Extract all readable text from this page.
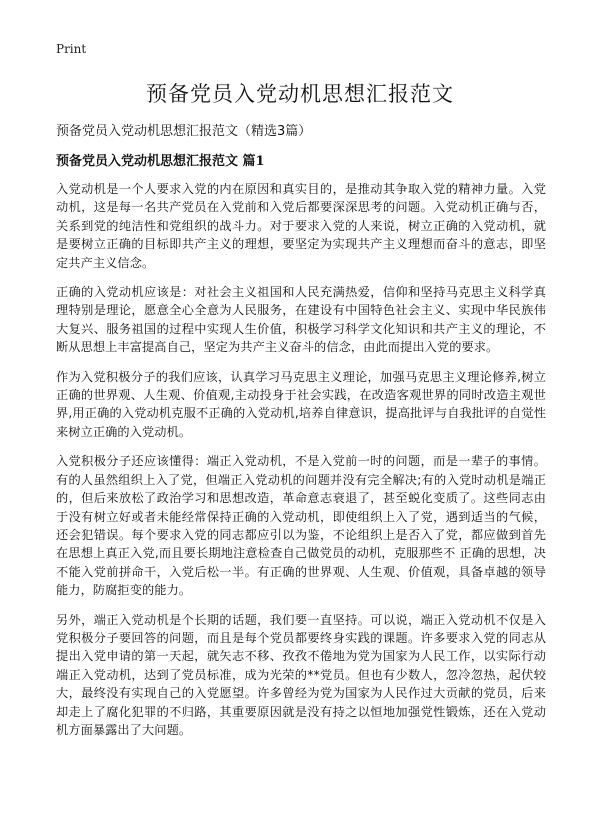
Print
预备党员入党动机思想汇报范文
预备党员入党动机思想汇报范文（精选3篇）
预备党员入党动机思想汇报范文 篇1

入党动机是一个人要求入党的内在原因和真实目的，是推动其争取入党的精神力量。入党动机，这是每一名共产党员在入党前和入党后都要深深思考的问题。入党动机正确与否，关系到党的纯洁性和党组织的战斗力。对于要求入党的人来说，树立正确的入党动机，就是要树立正确的目标即共产主义的理想，要坚定为实现共产主义理想而奋斗的意志，即坚定共产主义信念。

正确的入党动机应该是：对社会主义祖国和人民充满热爱，信仰和坚持马克思主义科学真理特别是理论，愿意全心全意为人民服务，在建设有中国特色社会主义、实现中华民族伟大复兴、服务祖国的过程中实现人生价值，积极学习科学文化知识和共产主义的理论，不断从思想上丰富提高自己，坚定为共产主义奋斗的信念，由此而提出入党的要求。

作为入党积极分子的我们应该，认真学习马克思主义理论，加强马克思主义理论修养,树立正确的世界观、人生观、价值观,主动投身于社会实践，在改造客观世界的同时改造主观世界,用正确的入党动机克服不正确的入党动机,培养自律意识，提高批评与自我批评的自觉性来树立正确的入党动机。

入党积极分子还应该懂得：端正入党动机，不是入党前一时的问题，而是一辈子的事情。有的人虽然组织上入了党，但端正入党动机的问题并没有完全解决;有的入党时动机是端正的，但后来放松了政治学习和思想改造，革命意志衰退了，甚至蜕化变质了。这些同志由于没有树立好或者未能经常保持正确的入党动机，即使组织上入了党，遇到适当的气候，还会犯错误。每个要求入党的同志都应引以为鉴，不论组织上是否入了党，都应做到首先在思想上真正入党,而且要长期地注意检查自己做党员的动机，克服那些不 正确的思想，决不能入党前拼命干，入党后松一半。有正确的世界观、人生观、价值观，具备卓越的领导能力，防腐拒变的能力。

另外，端正入党动机是个长期的话题，我们要一直坚持。可以说，端正入党动机不仅是入党积极分子要回答的问题，而且是每个党员都要终身实践的课题。许多要求入党的同志从提出入党申请的第一天起，就矢志不移、孜孜不倦地为党为国家为人民工作，以实际行动端正入党动机，达到了党员标准，成为光荣的**党员。但也有少数人，忽冷忽热，起伏较大，最终没有实现自己的入党愿望。许多曾经为党为国家为人民作过大贡献的党员，后来却走上了腐化犯罪的不归路，其重要原因就是没有持之以恒地加强党性锻炼，还在入党动机方面暴露出了大问题。
